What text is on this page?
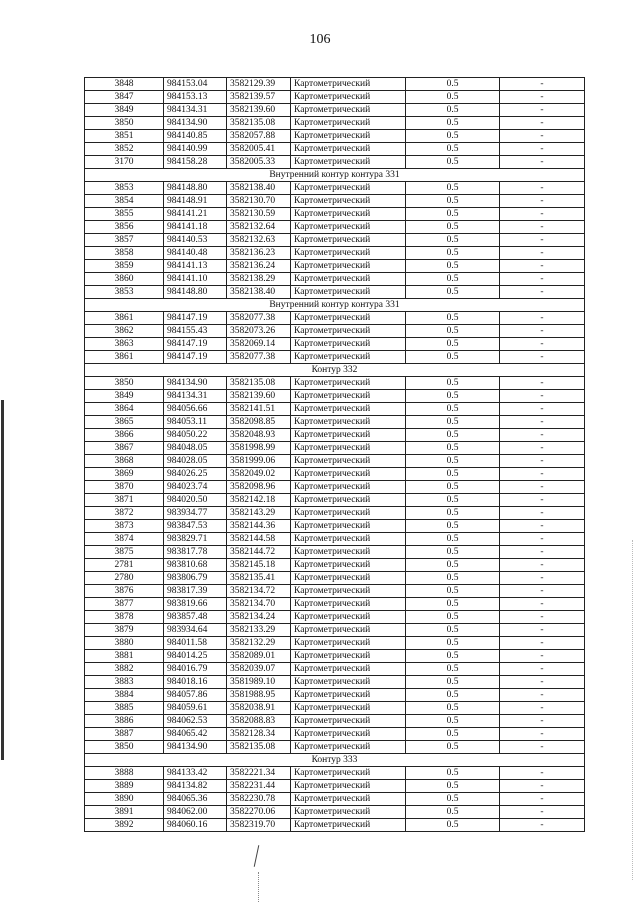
106
3848	984153.04	3582129.39	Картометрический	0.5	-
3847	984153.13	3582139.57	Картометрический	0.5	-
3849	984134.31	3582139.60	Картометрический	0.5	-
3850	984134.90	3582135.08	Картометрический	0.5	-
3851	984140.85	3582057.88	Картометрический	0.5	-
3852	984140.99	3582005.41	Картометрический	0.5	-
3170	984158.28	3582005.33	Картометрический	0.5	-
Внутренний контур контура 331					
3853	984148.80	3582138.40	Картометрический	0.5	-
3854	984148.91	3582130.70	Картометрический	0.5	-
3855	984141.21	3582130.59	Картометрический	0.5	-
3856	984141.18	3582132.64	Картометрический	0.5	-
3857	984140.53	3582132.63	Картометрический	0.5	-
3858	984140.48	3582136.23	Картометрический	0.5	-
3859	984141.13	3582136.24	Картометрический	0.5	-
3860	984141.10	3582138.29	Картометрический	0.5	-
3853	984148.80	3582138.40	Картометрический	0.5	-
Внутренний контур контура 331					
3861	984147.19	3582077.38	Картометрический	0.5	-
3862	984155.43	3582073.26	Картометрический	0.5	-
3863	984147.19	3582069.14	Картометрический	0.5	-
3861	984147.19	3582077.38	Картометрический	0.5	-
Контур 332					
3850	984134.90	3582135.08	Картометрический	0.5	-
3849	984134.31	3582139.60	Картометрический	0.5	-
3864	984056.66	3582141.51	Картометрический	0.5	-
3865	984053.11	3582098.85	Картометрический	0.5	-
3866	984050.22	3582048.93	Картометрический	0.5	-
3867	984048.05	3581998.99	Картометрический	0.5	-
3868	984028.05	3581999.06	Картометрический	0.5	-
3869	984026.25	3582049.02	Картометрический	0.5	-
3870	984023.74	3582098.96	Картометрический	0.5	-
3871	984020.50	3582142.18	Картометрический	0.5	-
3872	983934.77	3582143.29	Картометрический	0.5	-
3873	983847.53	3582144.36	Картометрический	0.5	-
3874	983829.71	3582144.58	Картометрический	0.5	-
3875	983817.78	3582144.72	Картометрический	0.5	-
2781	983810.68	3582145.18	Картометрический	0.5	-
2780	983806.79	3582135.41	Картометрический	0.5	-
3876	983817.39	3582134.72	Картометрический	0.5	-
3877	983819.66	3582134.70	Картометрический	0.5	-
3878	983857.48	3582134.24	Картометрический	0.5	-
3879	983934.64	3582133.29	Картометрический	0.5	-
3880	984011.58	3582132.29	Картометрический	0.5	-
3881	984014.25	3582089.01	Картометрический	0.5	-
3882	984016.79	3582039.07	Картометрический	0.5	-
3883	984018.16	3581989.10	Картометрический	0.5	-
3884	984057.86	3581988.95	Картометрический	0.5	-
3885	984059.61	3582038.91	Картометрический	0.5	-
3886	984062.53	3582088.83	Картометрический	0.5	-
3887	984065.42	3582128.34	Картометрический	0.5	-
3850	984134.90	3582135.08	Картометрический	0.5	-
Контур 333					
3888	984133.42	3582221.34	Картометрический	0.5	-
3889	984134.82	3582231.44	Картометрический	0.5	-
3890	984065.36	3582230.78	Картометрический	0.5	-
3891	984062.00	3582270.06	Картометрический	0.5	-
3892	984060.16	3582319.70	Картометрический	0.5	-
